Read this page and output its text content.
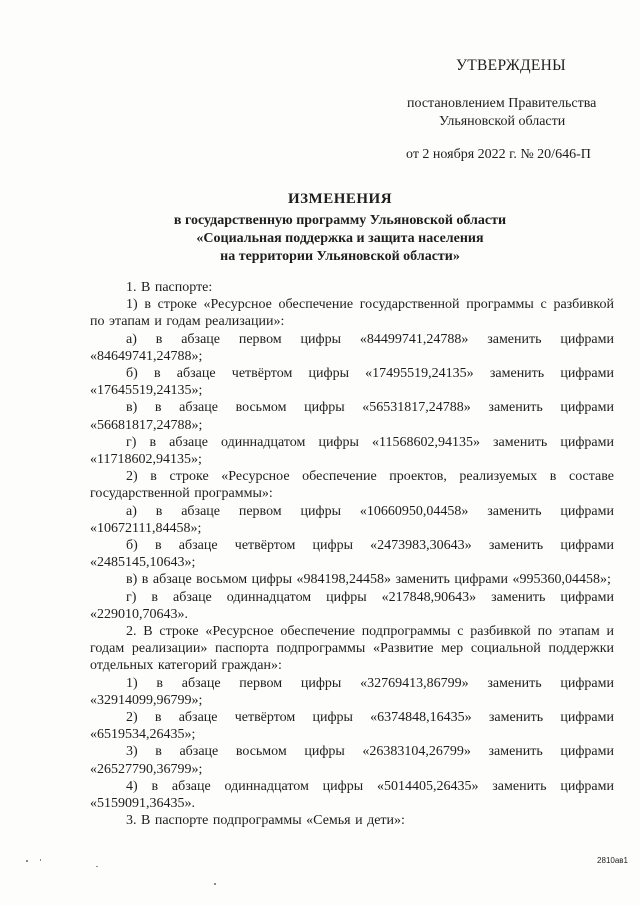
УТВЕРЖДЕНЫ

постановлением Правительства
Ульяновской области

от 2 ноября 2022 г. № 20/646-П

ИЗМЕНЕНИЯ
в государственную программу Ульяновской области
«Социальная поддержка и защита населения
на территории Ульяновской области»

1. В паспорте:

1) в строке «Ресурсное обеспечение государственной программы с разбивкой по этапам и годам реализации»:

а) в абзаце первом цифры «84499741,24788» заменить цифрами «84649741,24788»;

б) в абзаце четвёртом цифры «17495519,24135» заменить цифрами «17645519,24135»;

в) в абзаце восьмом цифры «56531817,24788» заменить цифрами «56681817,24788»;

г) в абзаце одиннадцатом цифры «11568602,94135» заменить цифрами «11718602,94135»;

2) в строке «Ресурсное обеспечение проектов, реализуемых в составе государственной программы»:

а) в абзаце первом цифры «10660950,04458» заменить цифрами «10672111,84458»;

б) в абзаце четвёртом цифры «2473983,30643» заменить цифрами «2485145,10643»;

в) в абзаце восьмом цифры «984198,24458» заменить цифрами «995360,04458»;

г) в абзаце одиннадцатом цифры «217848,90643» заменить цифрами «229010,70643».

2. В строке «Ресурсное обеспечение подпрограммы с разбивкой по этапам и годам реализации» паспорта подпрограммы «Развитие мер социальной поддержки отдельных категорий граждан»:

1) в абзаце первом цифры «32769413,86799» заменить цифрами «32914099,96799»;

2) в абзаце четвёртом цифры «6374848,16435» заменить цифрами «6519534,26435»;

3) в абзаце восьмом цифры «26383104,26799» заменить цифрами «26527790,36799»;

4) в абзаце одиннадцатом цифры «5014405,26435» заменить цифрами «5159091,36435».

3. В паспорте подпрограммы «Семья и дети»:

2810ав1
